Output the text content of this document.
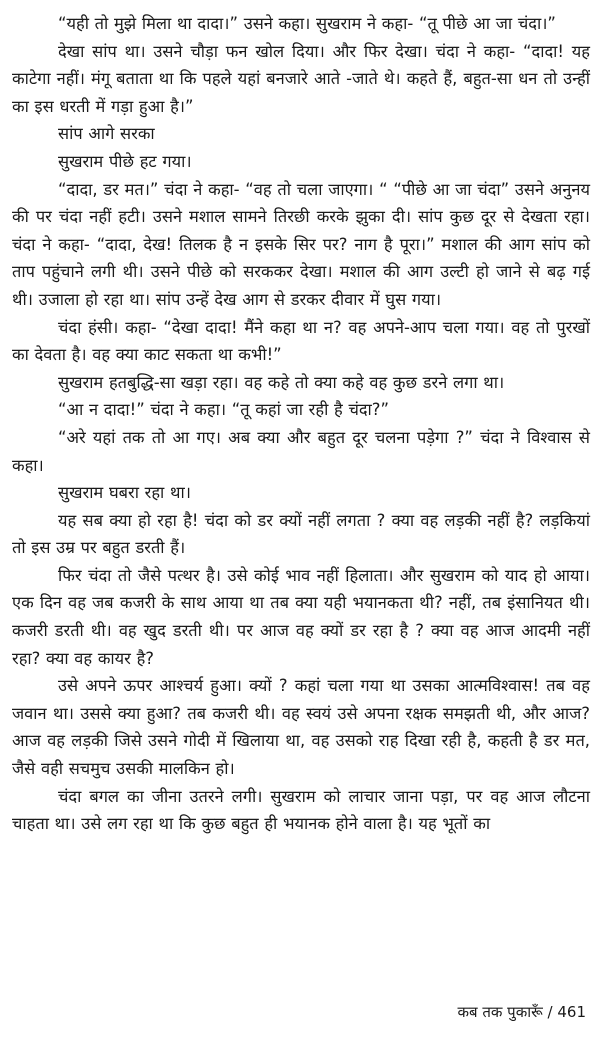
“यही तो मुझे मिला था दादा।” उसने कहा। सुखराम ने कहा- “तू पीछे आ जा चंदा।”

देखा सांप था। उसने चौड़ा फन खोल दिया। और फिर देखा। चंदा ने कहा- “दादा! यह काटेगा नहीं। मंगू बताता था कि पहले यहां बनजारे आते -जाते थे। कहते हैं, बहुत-सा धन तो उन्हीं का इस धरती में गड़ा हुआ है।”

सांप आगे सरका

सुखराम पीछे हट गया।

“दादा, डर मत।” चंदा ने कहा- “वह तो चला जाएगा। “ “पीछे आ जा चंदा” उसने अनुनय की पर चंदा नहीं हटी। उसने मशाल सामने तिरछी करके झुका दी। सांप कुछ दूर से देखता रहा। चंदा ने कहा- “दादा, देख! तिलक है न इसके सिर पर? नाग है पूरा।” मशाल की आग सांप को ताप पहुंचाने लगी थी। उसने पीछे को सरककर देखा। मशाल की आग उल्टी हो जाने से बढ़ गई थी। उजाला हो रहा था। सांप उन्हें देख आग से डरकर दीवार में घुस गया।

चंदा हंसी। कहा- “देखा दादा! मैंने कहा था न? वह अपने-आप चला गया। वह तो पुरखों का देवता है। वह क्या काट सकता था कभी!”

सुखराम हतबुद्धि-सा खड़ा रहा। वह कहे तो क्या कहे वह कुछ डरने लगा था।

“आ न दादा!” चंदा ने कहा। “तू कहां जा रही है चंदा?”

“अरे यहां तक तो आ गए। अब क्या और बहुत दूर चलना पड़ेगा ?” चंदा ने विश्वास से कहा।

सुखराम घबरा रहा था।

यह सब क्या हो रहा है! चंदा को डर क्यों नहीं लगता ? क्या वह लड़की नहीं है? लड़कियां तो इस उम्र पर बहुत डरती हैं।

फिर चंदा तो जैसे पत्थर है। उसे कोई भाव नहीं हिलाता। और सुखराम को याद हो आया। एक दिन वह जब कजरी के साथ आया था तब क्या यही भयानकता थी? नहीं, तब इंसानियत थी। कजरी डरती थी। वह खुद डरती थी। पर आज वह क्यों डर रहा है ? क्या वह आज आदमी नहीं रहा? क्या वह कायर है?

उसे अपने ऊपर आश्चर्य हुआ। क्यों ? कहां चला गया था उसका आत्मविश्वास! तब वह जवान था। उससे क्या हुआ? तब कजरी थी। वह स्वयं उसे अपना रक्षक समझती थी, और आज? आज वह लड़की जिसे उसने गोदी में खिलाया था, वह उसको राह दिखा रही है, कहती है डर मत, जैसे वही सचमुच उसकी मालकिन हो।

चंदा बगल का जीना उतरने लगी। सुखराम को लाचार जाना पड़ा, पर वह आज लौटना चाहता था। उसे लग रहा था कि कुछ बहुत ही भयानक होने वाला है। यह भूतों का

कब तक पुकारूँ / 461
